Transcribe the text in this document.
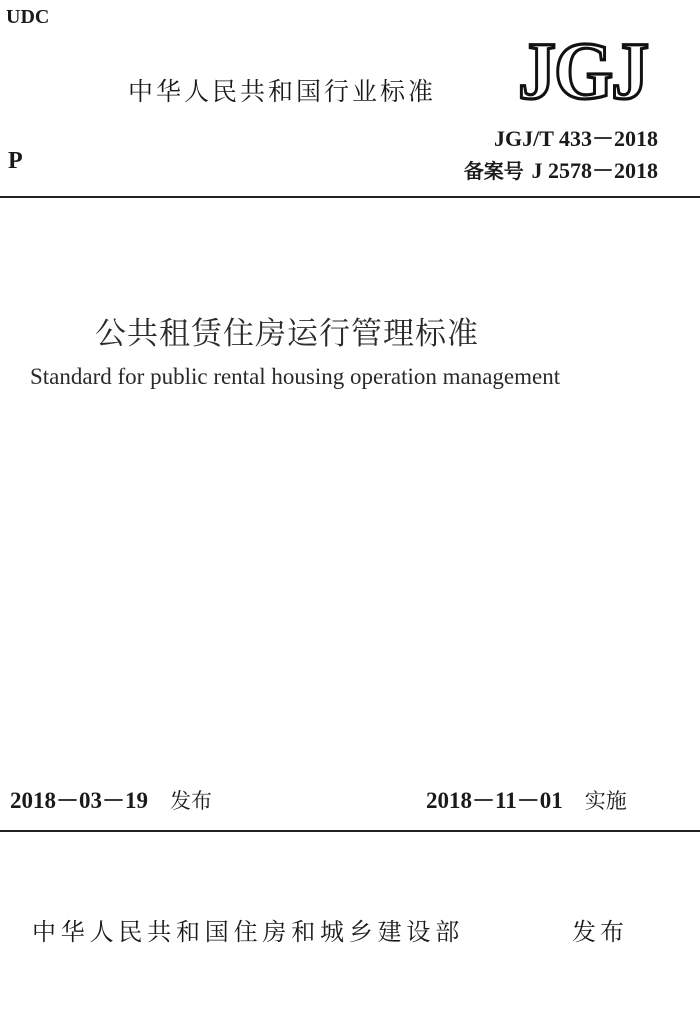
UDC
中华人民共和国行业标准 JGJ
JGJ/T 433－2018
备案号 J 2578－2018
P
公共租赁住房运行管理标准
Standard for public rental housing operation management
2018－03－19 发布	2018－11－01 实施
中华人民共和国住房和城乡建设部	发布
